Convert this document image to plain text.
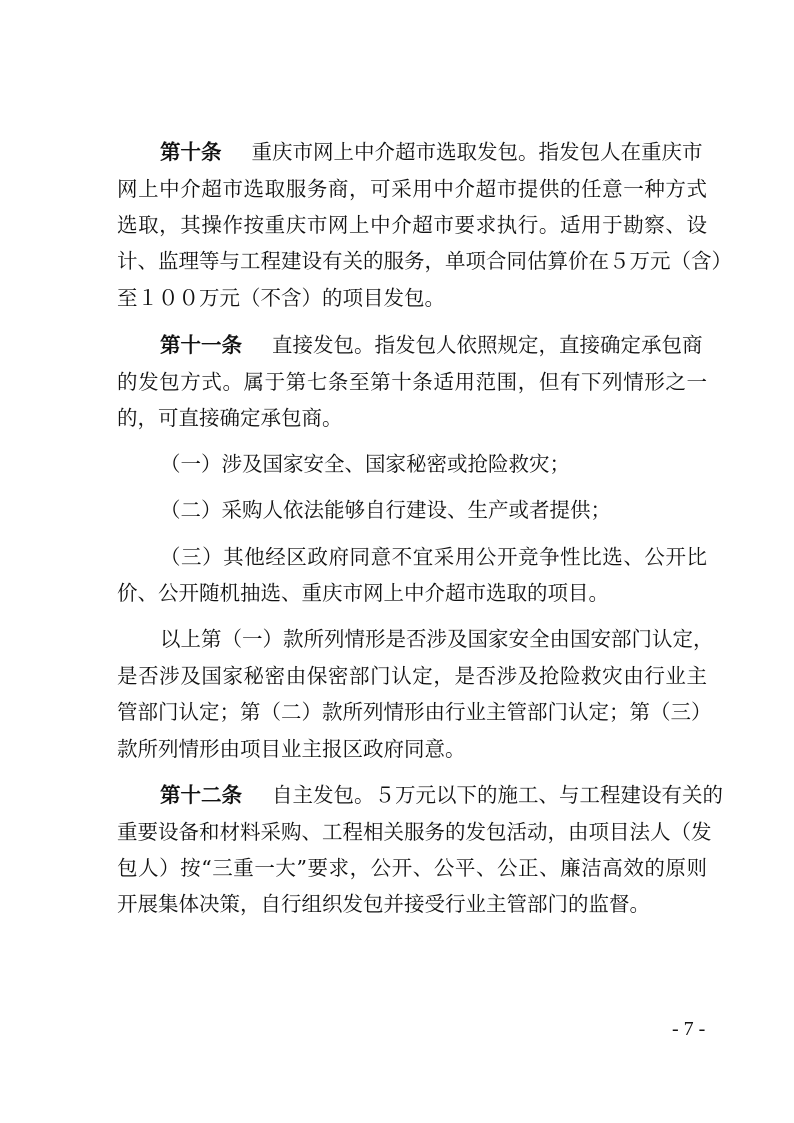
第十条 重庆市网上中介超市选取发包。指发包人在重庆市
网上中介超市选取服务商，可采用中介超市提供的任意一种方式
选取，其操作按重庆市网上中介超市要求执行。适用于勘察、设
计、监理等与工程建设有关的服务，单项合同估算价在５万元（含）
至１００万元（不含）的项目发包。
第十一条 直接发包。指发包人依照规定，直接确定承包商
的发包方式。属于第七条至第十条适用范围，但有下列情形之一
的，可直接确定承包商。
（一）涉及国家安全、国家秘密或抢险救灾；
（二）采购人依法能够自行建设、生产或者提供；
（三）其他经区政府同意不宜采用公开竞争性比选、公开比
价、公开随机抽选、重庆市网上中介超市选取的项目。
以上第（一）款所列情形是否涉及国家安全由国安部门认定，
是否涉及国家秘密由保密部门认定，是否涉及抢险救灾由行业主
管部门认定；第（二）款所列情形由行业主管部门认定；第（三）
款所列情形由项目业主报区政府同意。
第十二条 自主发包。５万元以下的施工、与工程建设有关的
重要设备和材料采购、工程相关服务的发包活动，由项目法人（发
包人）按“三重一大”要求，公开、公平、公正、廉洁高效的原则
开展集体决策，自行组织发包并接受行业主管部门的监督。
- 7 -
